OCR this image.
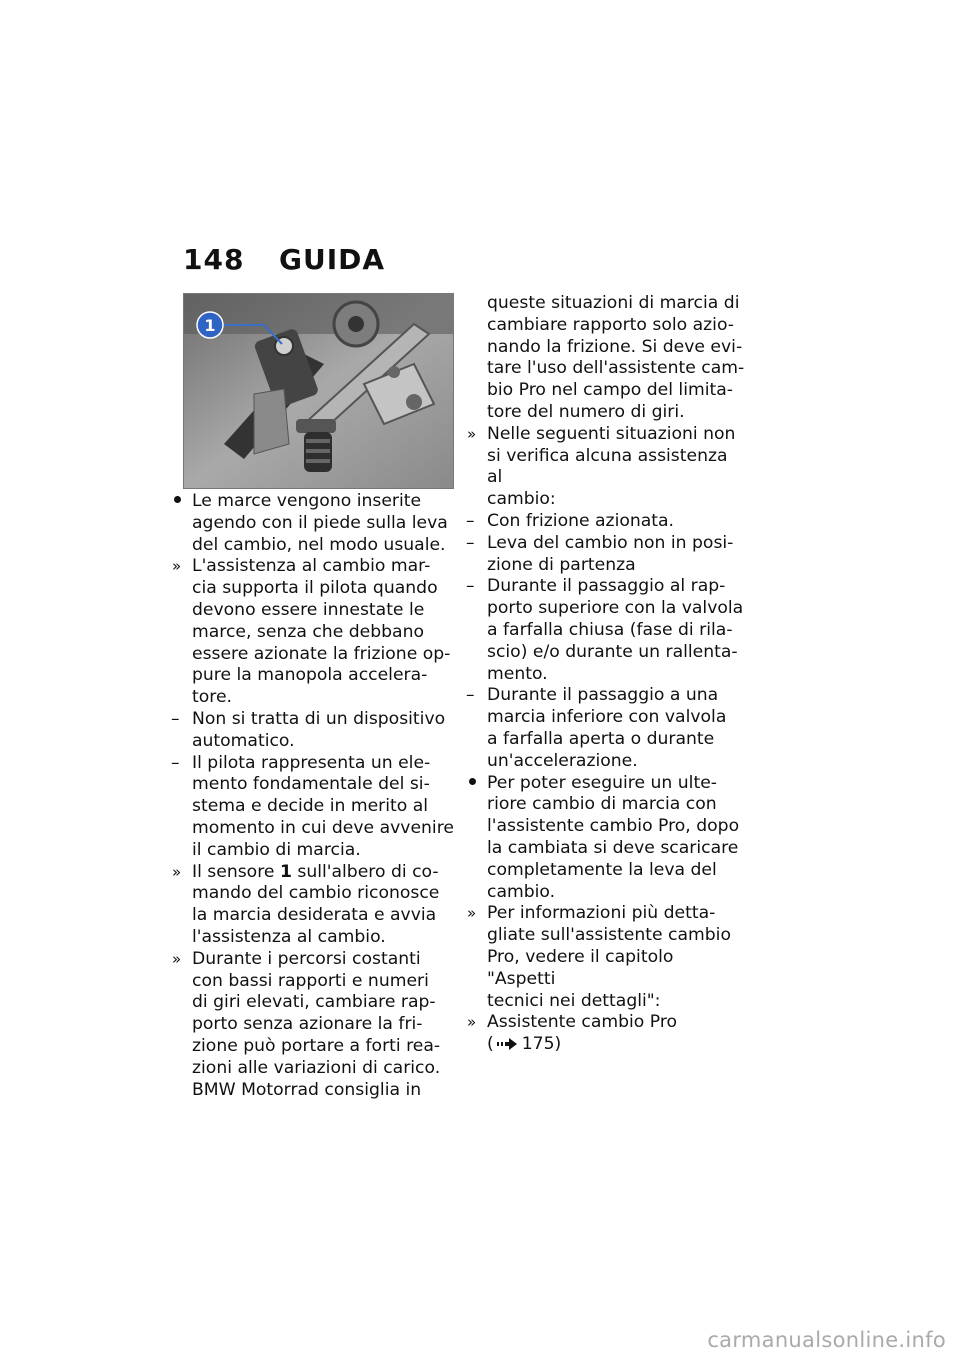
148 GUIDA
1
Le marce vengono inserite
agendo con il piede sulla leva
del cambio, nel modo usuale.
» L'assistenza al cambio mar-
cia supporta il pilota quando
devono essere innestate le
marce, senza che debbano
essere azionate la frizione op-
pure la manopola accelera-
tore.
– Non si tratta di un dispositivo
automatico.
– Il pilota rappresenta un ele-
mento fondamentale del si-
stema e decide in merito al
momento in cui deve avvenire
il cambio di marcia.
» Il sensore 1 sull'albero di co-
mando del cambio riconosce
la marcia desiderata e avvia
l'assistenza al cambio.
» Durante i percorsi costanti
con bassi rapporti e numeri
di giri elevati, cambiare rap-
porto senza azionare la fri-
zione può portare a forti rea-
zioni alle variazioni di carico.
BMW Motorrad consiglia in
queste situazioni di marcia di
cambiare rapporto solo azio-
nando la frizione. Si deve evi-
tare l'uso dell'assistente cam-
bio Pro nel campo del limita-
tore del numero di giri.
» Nelle seguenti situazioni non
si verifica alcuna assistenza al
cambio:
– Con frizione azionata.
– Leva del cambio non in posi-
zione di partenza
– Durante il passaggio al rap-
porto superiore con la valvola
a farfalla chiusa (fase di rila-
scio) e/o durante un rallenta-
mento.
– Durante il passaggio a una
marcia inferiore con valvola
a farfalla aperta o durante
un'accelerazione.
Per poter eseguire un ulte-
riore cambio di marcia con
l'assistente cambio Pro, dopo
la cambiata si deve scaricare
completamente la leva del
cambio.
» Per informazioni più detta-
gliate sull'assistente cambio
Pro, vedere il capitolo "Aspetti
tecnici nei dettagli":
» Assistente cambio Pro
( 175)
carmanualsonline.info
